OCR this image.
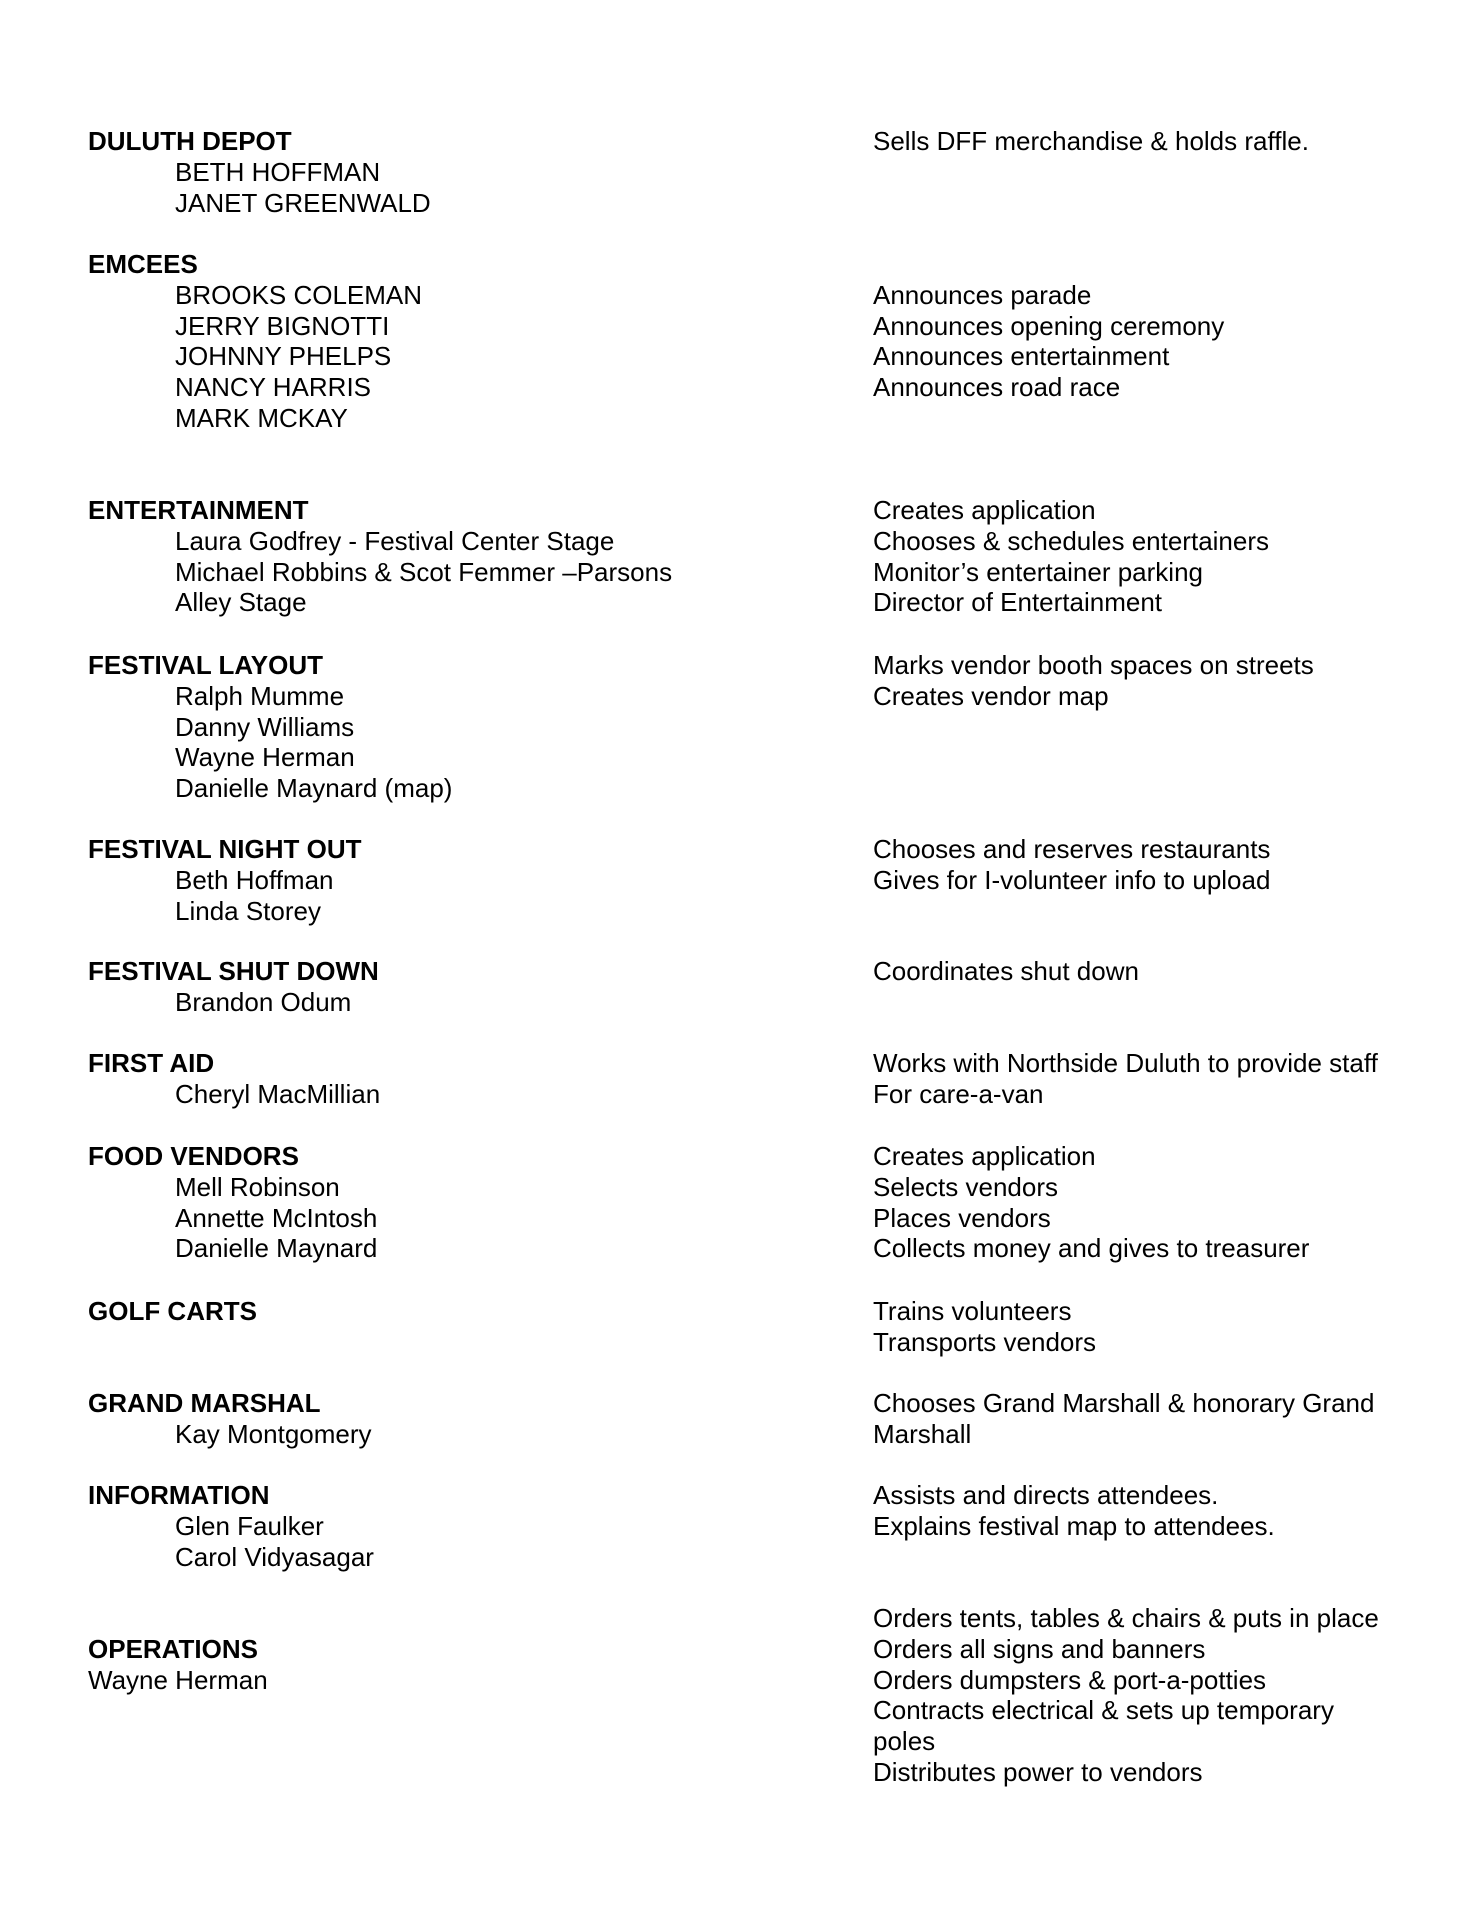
DULUTH DEPOT
BETH HOFFMAN
JANET GREENWALD
Sells DFF merchandise & holds raffle.
EMCEES
BROOKS COLEMAN
JERRY BIGNOTTI
JOHNNY PHELPS
NANCY HARRIS
MARK MCKAY
Announces parade
Announces opening ceremony
Announces entertainment
Announces road race
ENTERTAINMENT
Laura Godfrey - Festival Center Stage
Michael Robbins & Scot Femmer –Parsons
Alley Stage
Creates application
Chooses & schedules entertainers
Monitor’s entertainer parking
Director of Entertainment
FESTIVAL LAYOUT
Ralph Mumme
Danny Williams
Wayne Herman
Danielle Maynard (map)
Marks vendor booth spaces on streets
Creates vendor map
FESTIVAL NIGHT OUT
Beth Hoffman
Linda Storey
Chooses and reserves restaurants
Gives for I-volunteer info to upload
FESTIVAL SHUT DOWN
Brandon Odum
Coordinates shut down
FIRST AID
Cheryl MacMillian
Works with Northside Duluth to provide staff
For care-a-van
FOOD VENDORS
Mell Robinson
Annette McIntosh
Danielle Maynard
Creates application
Selects vendors
Places vendors
Collects money and gives to treasurer
GOLF CARTS	Trains volunteers
Transports vendors
GRAND MARSHAL
Kay Montgomery
Chooses Grand Marshall & honorary Grand Marshall
INFORMATION
Glen Faulker
Carol Vidyasagar
Assists and directs attendees.
Explains festival map to attendees.
OPERATIONS
Wayne Herman
Orders tents, tables & chairs & puts in place
Orders all signs and banners
Orders dumpsters & port-a-potties
Contracts electrical & sets up temporary poles
Distributes power to vendors
